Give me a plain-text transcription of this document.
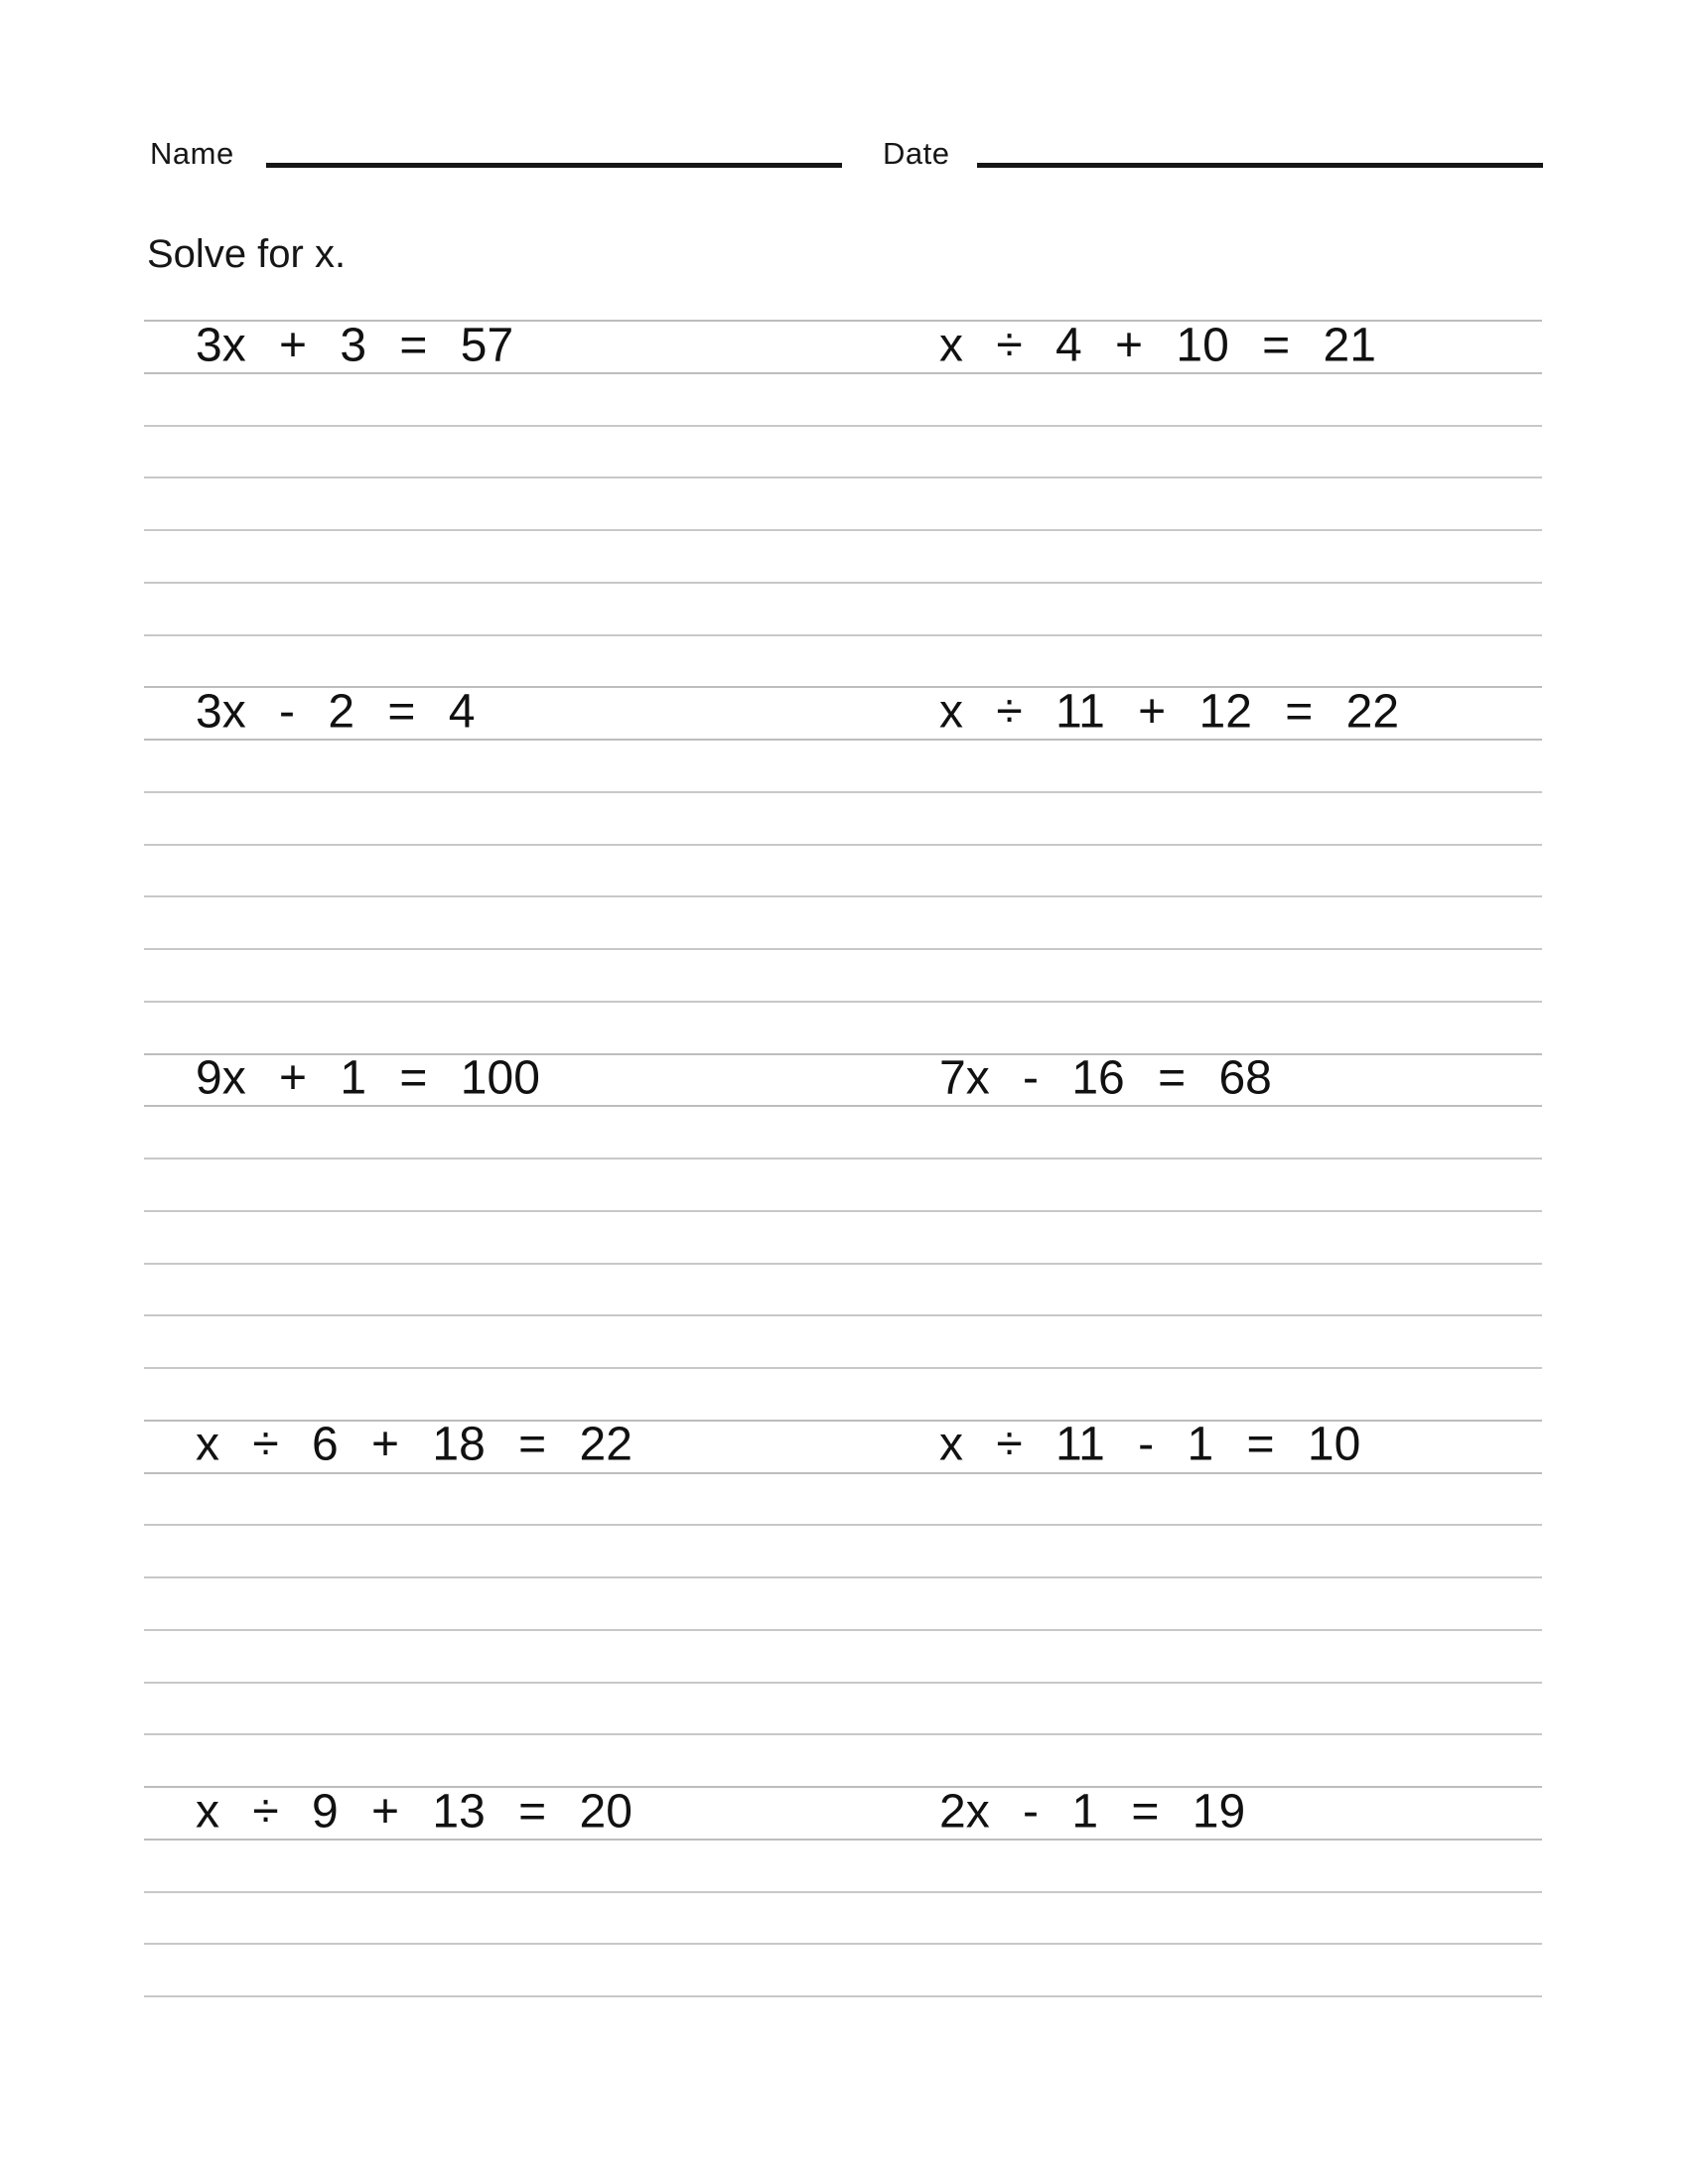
Name	Date
Solve for x.
3x + 3 = 57	x ÷ 4 + 10 = 21
3x - 2 = 4	x ÷ 11 + 12 = 22
9x + 1 = 100	7x - 16 = 68
x ÷ 6 + 18 = 22	x ÷ 11 - 1 = 10
x ÷ 9 + 13 = 20	2x - 1 = 19
